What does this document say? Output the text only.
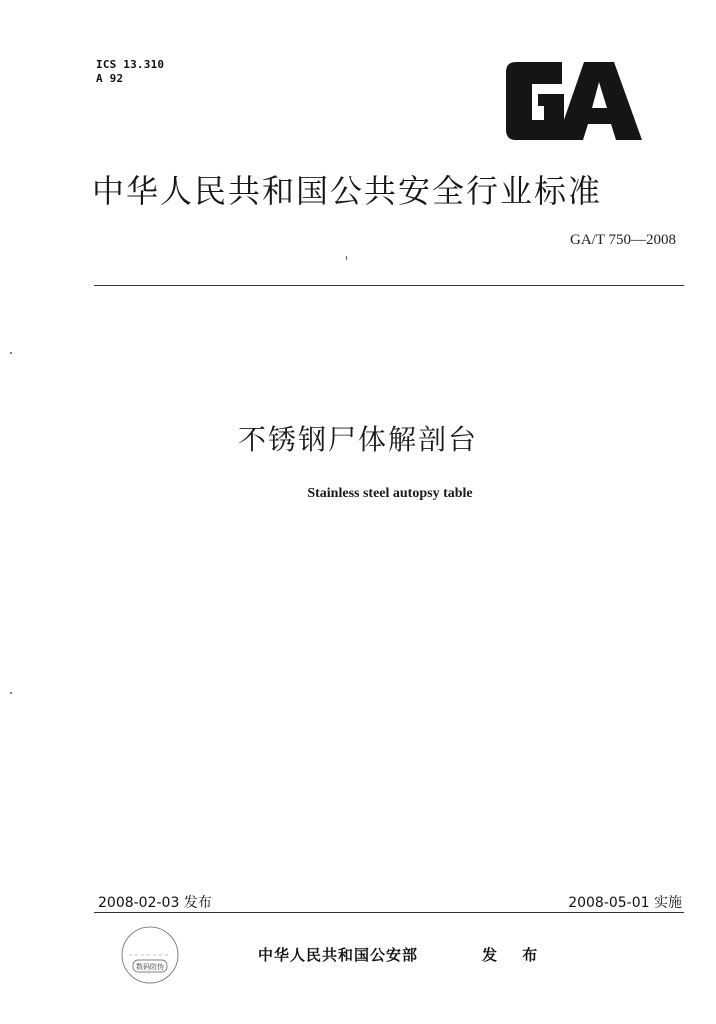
ICS 13.310
A 92
中华人民共和国公共安全行业标准
GA/T 750—2008
不锈钢尸体解剖台
Stainless steel autopsy table
2008-02-03 发布	2008-05-01 实施
数码防伪
中华人民共和国公安部	发 布
